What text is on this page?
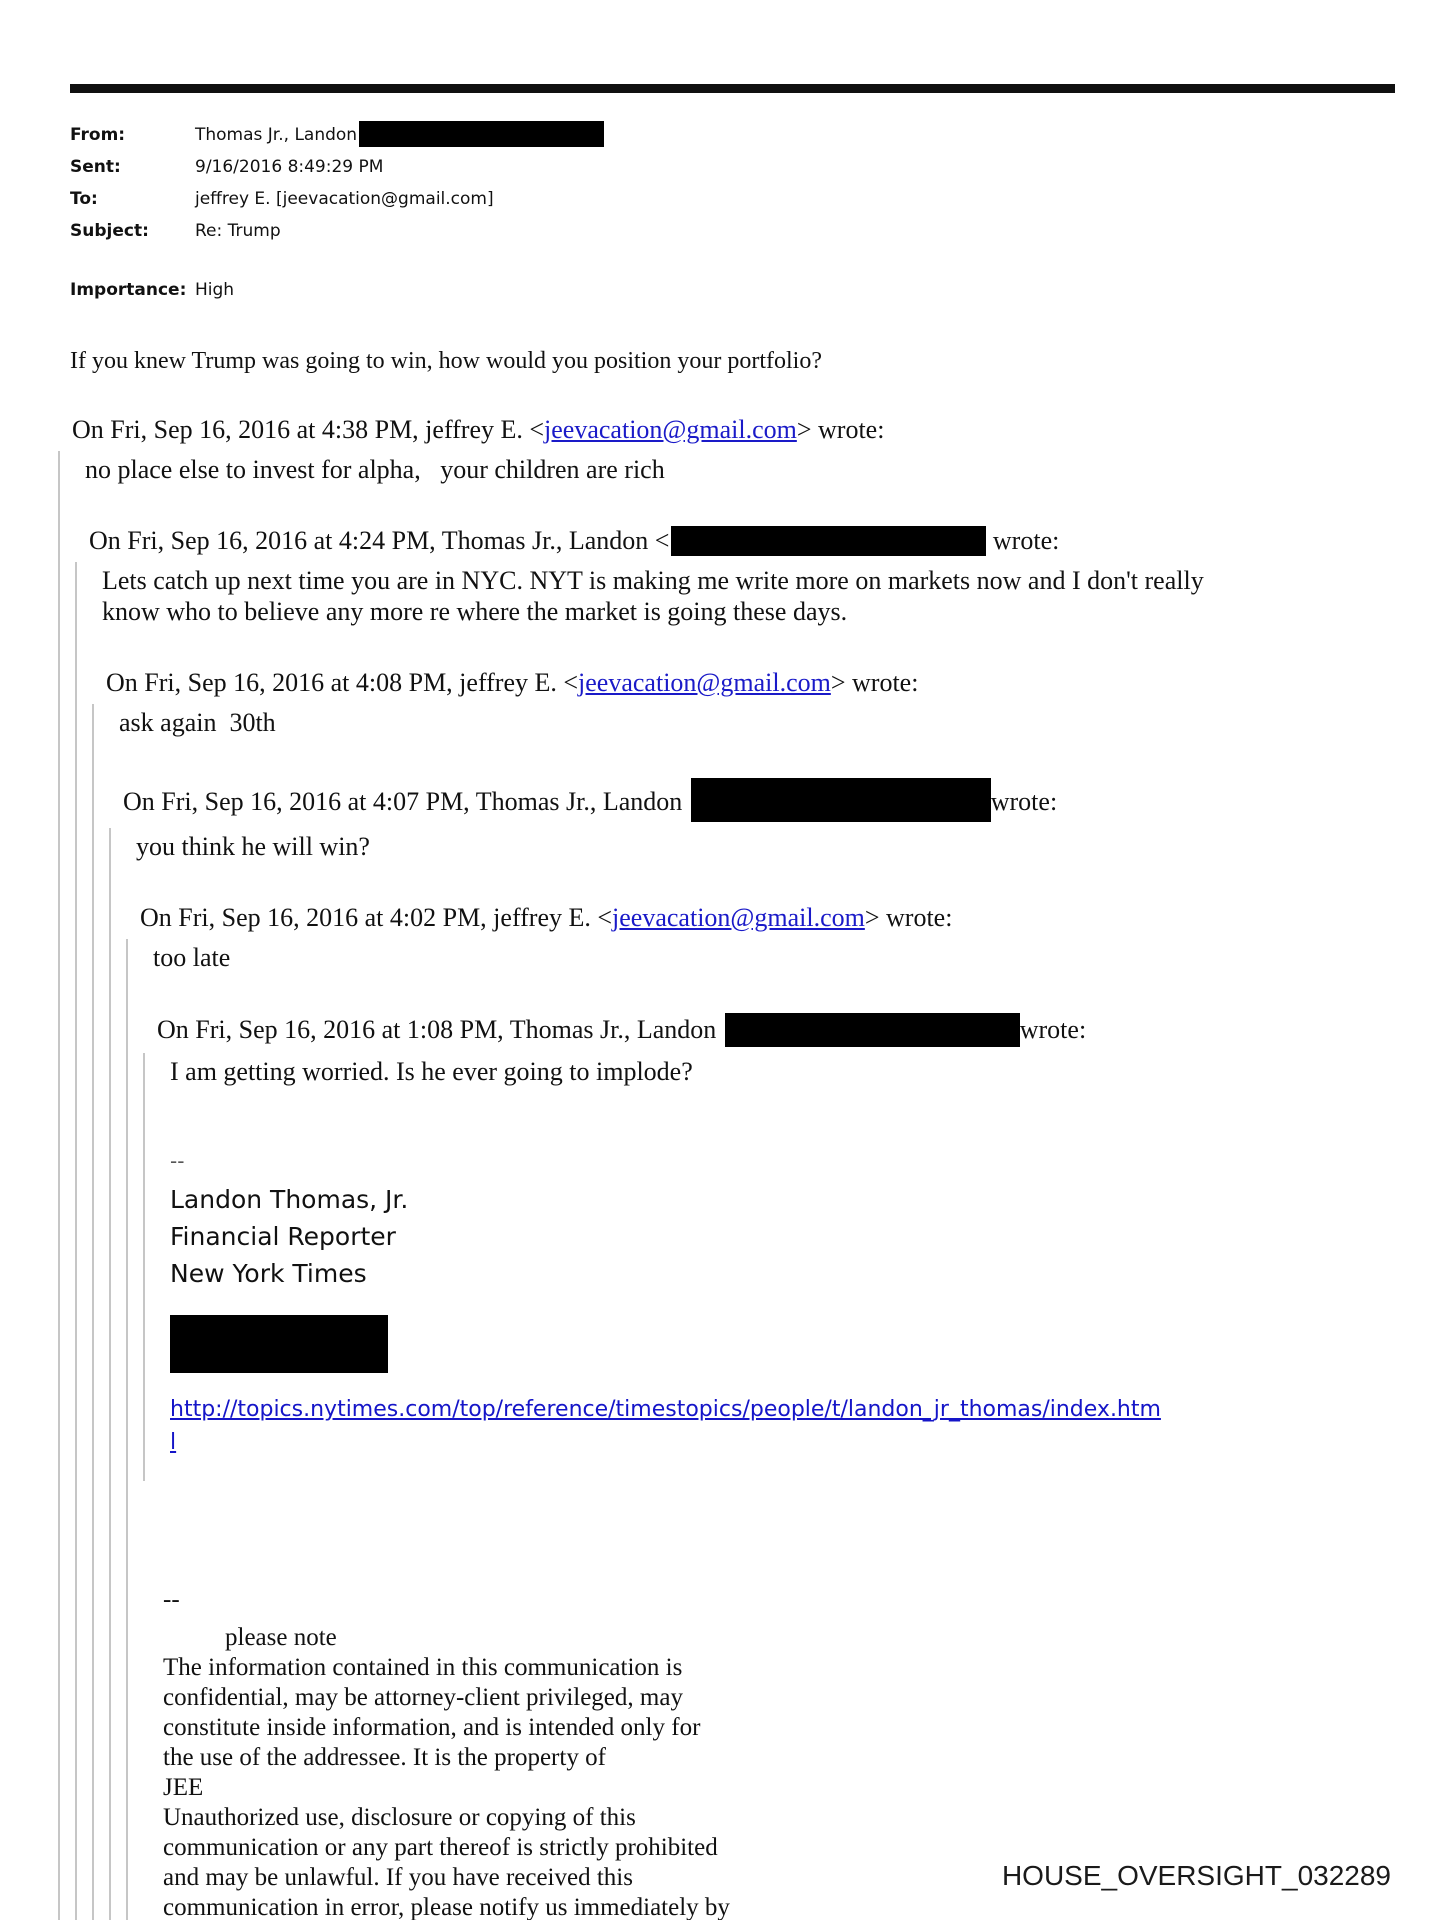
From:	Thomas Jr., Landon
Sent:	9/16/2016 8:49:29 PM
To:	jeffrey E. [jeevacation@gmail.com]
Subject:	Re: Trump
Importance: High
If you knew Trump was going to win, how would you position your portfolio?
On Fri, Sep 16, 2016 at 4:38 PM, jeffrey E. <jeevacation@gmail.com> wrote:
no place else to invest for alpha,   your children are rich
On Fri, Sep 16, 2016 at 4:24 PM, Thomas Jr., Landon <	wrote:
Lets catch up next time you are in NYC. NYT is making me write more on markets now and I don't really know who to believe any more re where the market is going these days.
On Fri, Sep 16, 2016 at 4:08 PM, jeffrey E. <jeevacation@gmail.com> wrote:
ask again  30th
On Fri, Sep 16, 2016 at 4:07 PM, Thomas Jr., Landon	wrote:
you think he will win?
On Fri, Sep 16, 2016 at 4:02 PM, jeffrey E. <jeevacation@gmail.com> wrote:
too late
On Fri, Sep 16, 2016 at 1:08 PM, Thomas Jr., Landon	wrote:
I am getting worried. Is he ever going to implode?
--
Landon Thomas, Jr.
Financial Reporter
New York Times
http://topics.nytimes.com/top/reference/timestopics/people/t/landon_jr_thomas/index.html
--
please note
The information contained in this communication is
confidential, may be attorney-client privileged, may
constitute inside information, and is intended only for
the use of the addressee. It is the property of
JEE
Unauthorized use, disclosure or copying of this
communication or any part thereof is strictly prohibited
and may be unlawful. If you have received this
communication in error, please notify us immediately by
HOUSE_OVERSIGHT_032289
